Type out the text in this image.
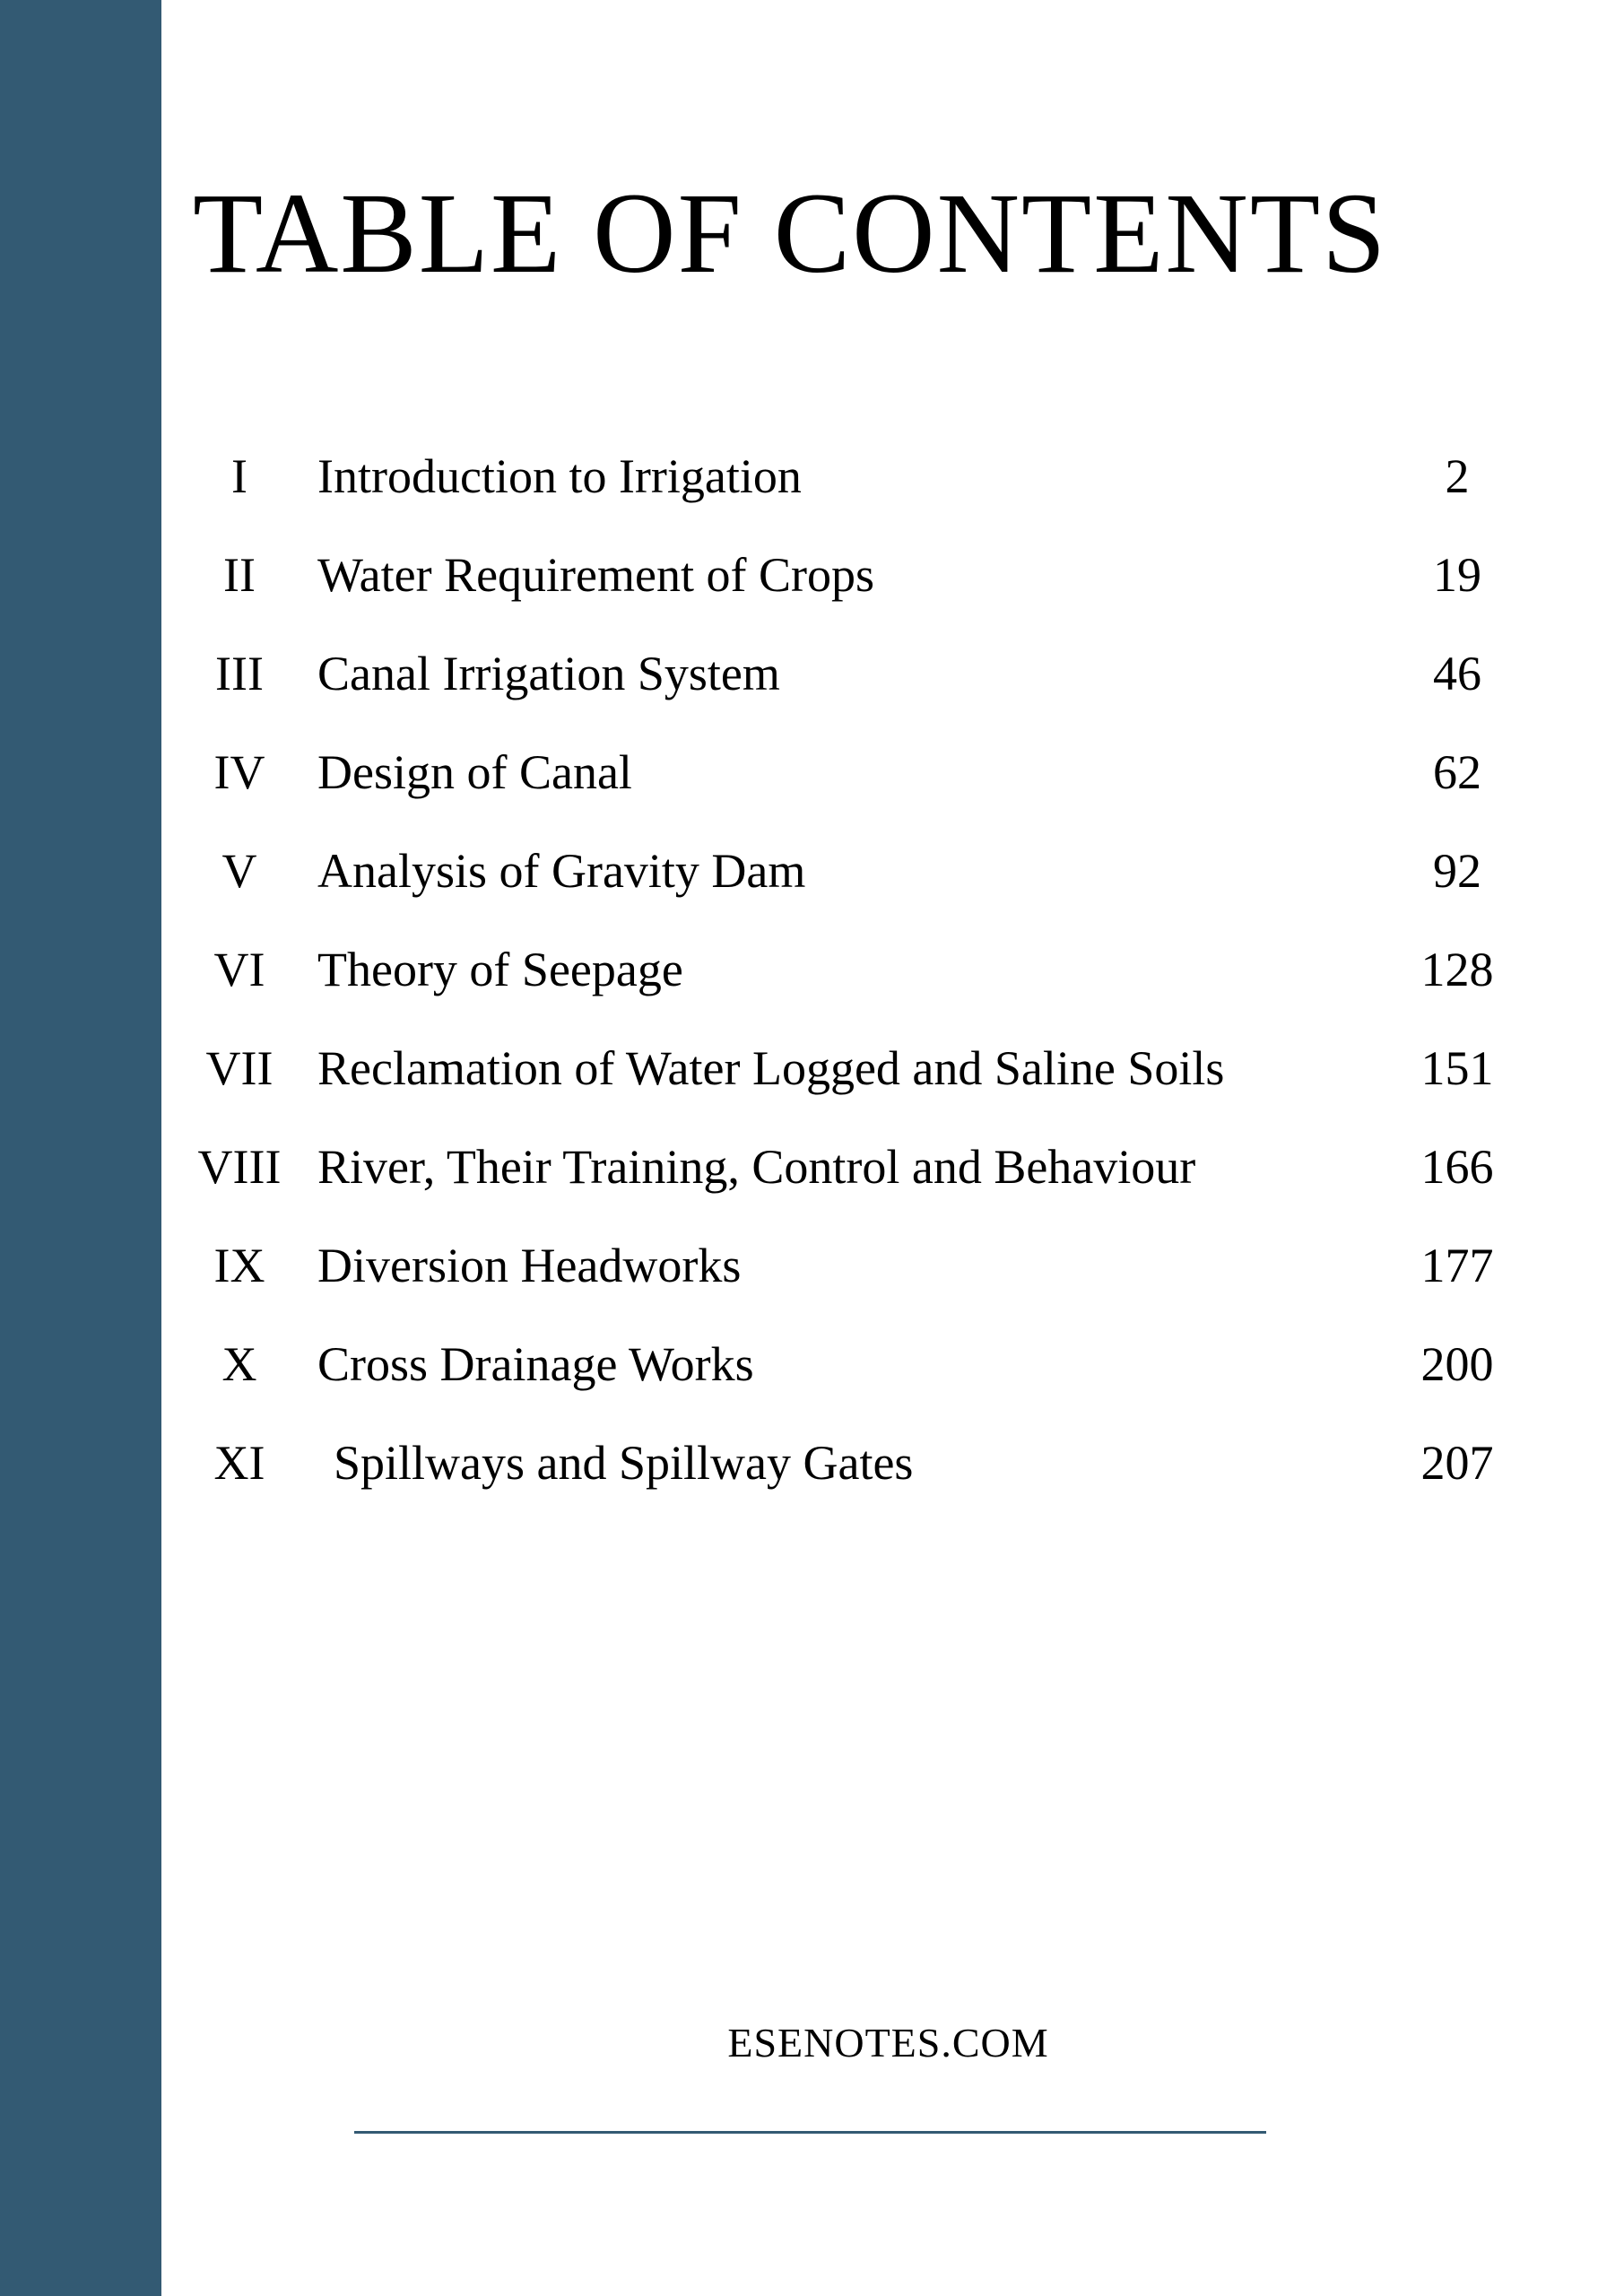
TABLE OF CONTENTS
I	Introduction to Irrigation	2
II	Water Requirement of Crops	19
III	Canal Irrigation System	46
IV	Design of Canal	62
V	Analysis of Gravity Dam	92
VI	Theory of Seepage	128
VII Reclamation of Water Logged and Saline Soils	151
VIII River, Their Training, Control and Behaviour	166
IX	Diversion Headworks	177
X	Cross Drainage Works	200
XI	Spillways and Spillway Gates	207
ESENOTES.COM
